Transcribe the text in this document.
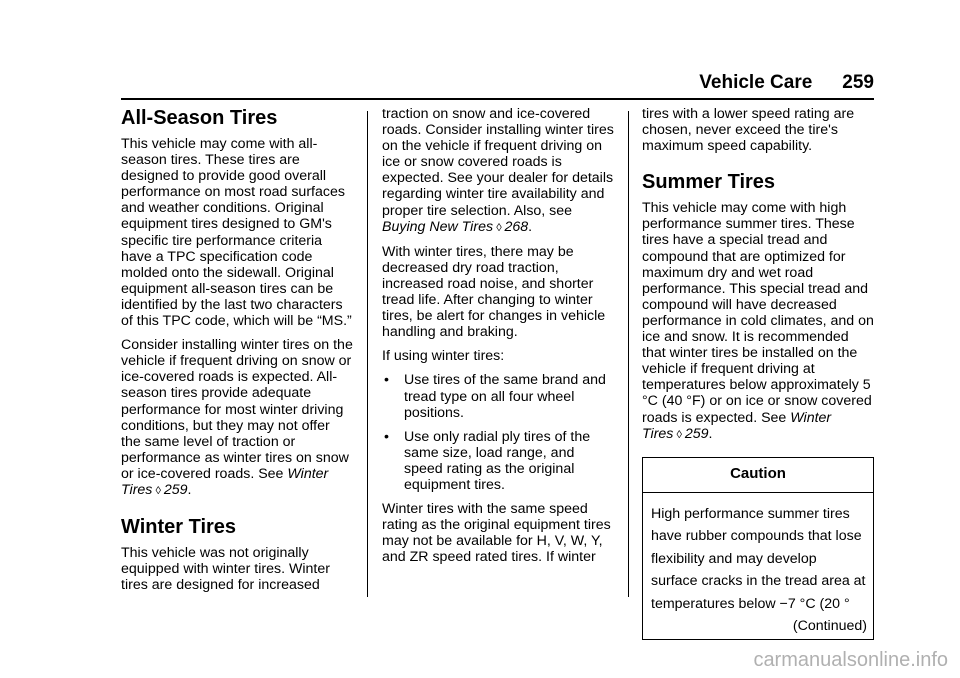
Vehicle Care 259
All-Season Tires

This vehicle may come with all-season tires. These tires are designed to provide good overall performance on most road surfaces and weather conditions. Original equipment tires designed to GM's specific tire performance criteria have a TPC specification code molded onto the sidewall. Original equipment all-season tires can be identified by the last two characters of this TPC code, which will be “MS.”

Consider installing winter tires on the vehicle if frequent driving on snow or ice-covered roads is expected. All-season tires provide adequate performance for most winter driving conditions, but they may not offer the same level of traction or performance as winter tires on snow or ice-covered roads. See Winter Tires ◊ 259.

Winter Tires

This vehicle was not originally equipped with winter tires. Winter tires are designed for increased

traction on snow and ice-covered roads. Consider installing winter tires on the vehicle if frequent driving on ice or snow covered roads is expected. See your dealer for details regarding winter tire availability and proper tire selection. Also, see Buying New Tires ◊ 268.

With winter tires, there may be decreased dry road traction, increased road noise, and shorter tread life. After changing to winter tires, be alert for changes in vehicle handling and braking.

If using winter tires:

•	Use tires of the same brand and tread type on all four wheel positions.
•	Use only radial ply tires of the same size, load range, and speed rating as the original equipment tires.

Winter tires with the same speed rating as the original equipment tires may not be available for H, V, W, Y, and ZR speed rated tires. If winter

tires with a lower speed rating are chosen, never exceed the tire's maximum speed capability.

Summer Tires

This vehicle may come with high performance summer tires. These tires have a special tread and compound that are optimized for maximum dry and wet road performance. This special tread and compound will have decreased performance in cold climates, and on ice and snow. It is recommended that winter tires be installed on the vehicle if frequent driving at temperatures below approximately 5 °C (40 °F) or on ice or snow covered roads is expected. See Winter Tires ◊ 259.

Caution
High performance summer tires have rubber compounds that lose flexibility and may develop surface cracks in the tread area at temperatures below −7 °C (20 °
(Continued)
carmanualsonline.info
